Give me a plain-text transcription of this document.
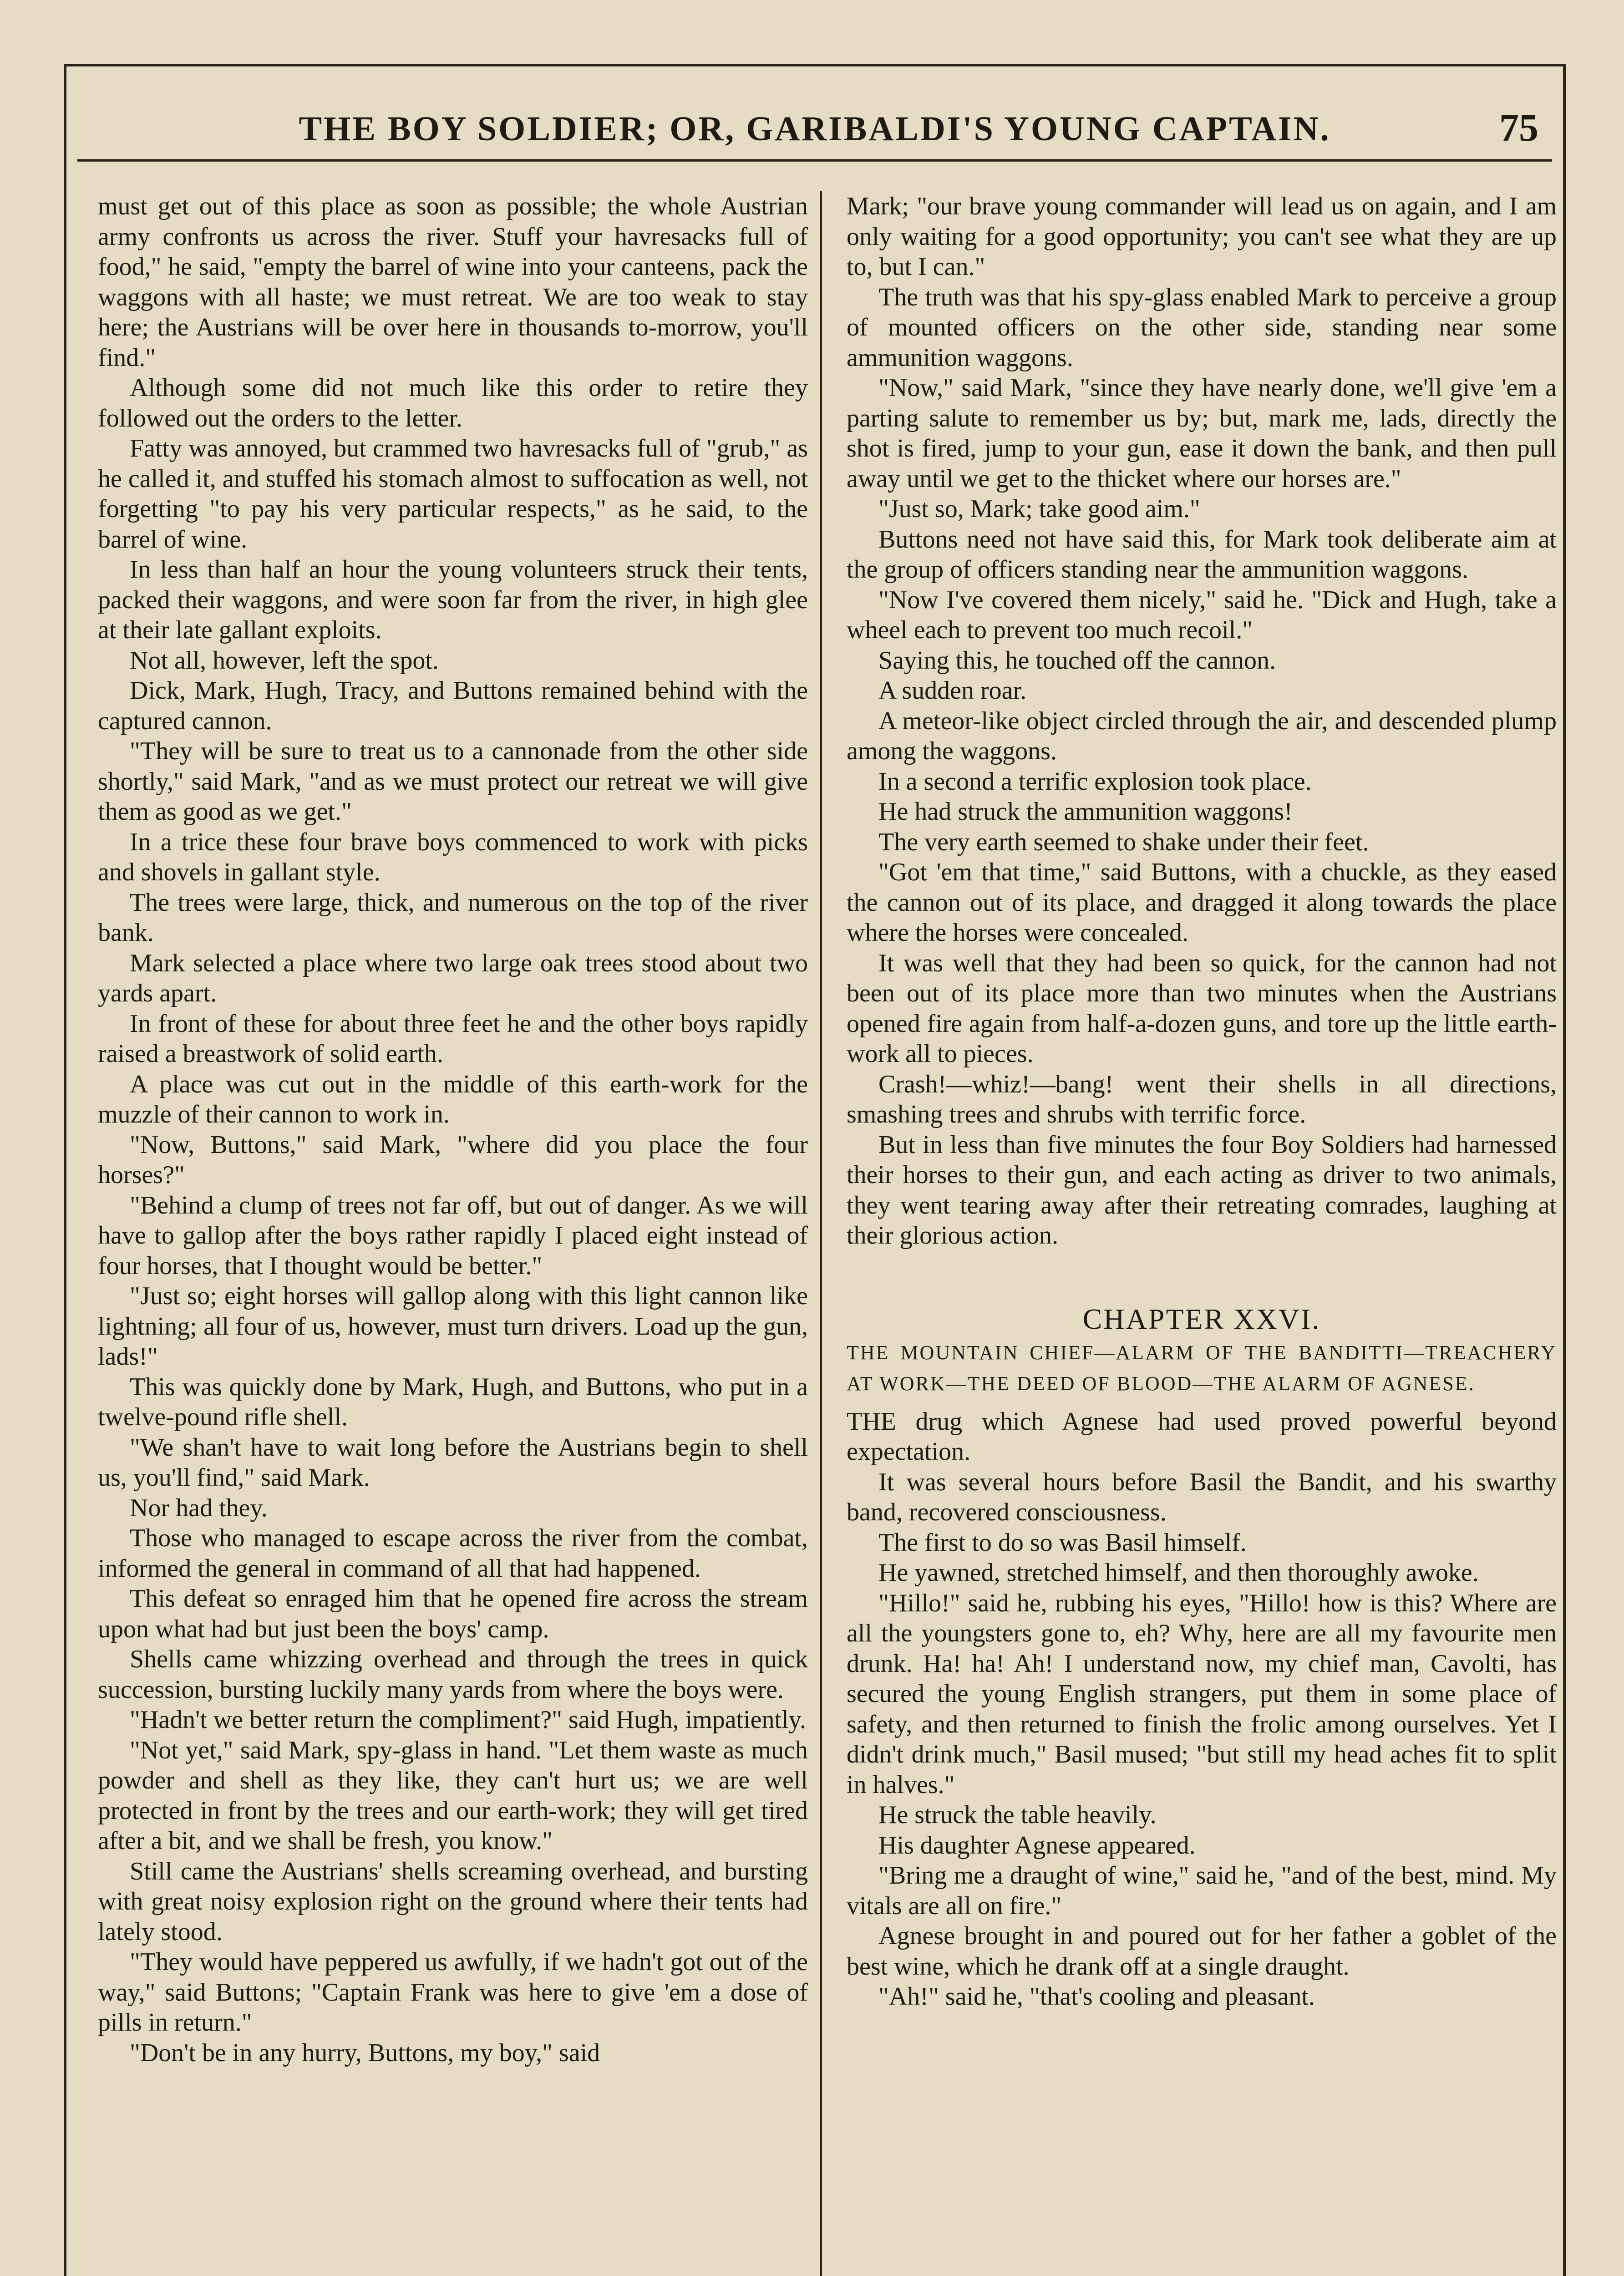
THE BOY SOLDIER; OR, GARIBALDI'S YOUNG CAPTAIN.	75

must get out of this place as soon as possible; the whole Austrian army confronts us across the river. Stuff your havresacks full of food," he said, "empty the barrel of wine into your canteens, pack the waggons with all haste; we must retreat. We are too weak to stay here; the Austrians will be over here in thousands to-morrow, you'll find."

Although some did not much like this order to retire they followed out the orders to the letter.

Fatty was annoyed, but crammed two havresacks full of "grub," as he called it, and stuffed his stomach almost to suffocation as well, not forgetting "to pay his very particular respects," as he said, to the barrel of wine.

In less than half an hour the young volunteers struck their tents, packed their waggons, and were soon far from the river, in high glee at their late gallant exploits.

Not all, however, left the spot.

Dick, Mark, Hugh, Tracy, and Buttons remained behind with the captured cannon.

"They will be sure to treat us to a cannonade from the other side shortly," said Mark, "and as we must protect our retreat we will give them as good as we get."

In a trice these four brave boys commenced to work with picks and shovels in gallant style.

The trees were large, thick, and numerous on the top of the river bank.

Mark selected a place where two large oak trees stood about two yards apart.

In front of these for about three feet he and the other boys rapidly raised a breastwork of solid earth.

A place was cut out in the middle of this earth-work for the muzzle of their cannon to work in.

"Now, Buttons," said Mark, "where did you place the four horses?"

"Behind a clump of trees not far off, but out of danger. As we will have to gallop after the boys rather rapidly I placed eight instead of four horses, that I thought would be better."

"Just so; eight horses will gallop along with this light cannon like lightning; all four of us, however, must turn drivers. Load up the gun, lads!"

This was quickly done by Mark, Hugh, and Buttons, who put in a twelve-pound rifle shell.

"We shan't have to wait long before the Austrians begin to shell us, you'll find," said Mark.

Nor had they.

Those who managed to escape across the river from the combat, informed the general in command of all that had happened.

This defeat so enraged him that he opened fire across the stream upon what had but just been the boys' camp.

Shells came whizzing overhead and through the trees in quick succession, bursting luckily many yards from where the boys were.

"Hadn't we better return the compliment?" said Hugh, impatiently.

"Not yet," said Mark, spy-glass in hand. "Let them waste as much powder and shell as they like, they can't hurt us; we are well protected in front by the trees and our earth-work; they will get tired after a bit, and we shall be fresh, you know."

Still came the Austrians' shells screaming overhead, and bursting with great noisy explosion right on the ground where their tents had lately stood.

"They would have peppered us awfully, if we hadn't got out of the way," said Buttons; "Captain Frank was here to give 'em a dose of pills in return."

"Don't be in any hurry, Buttons, my boy," said

Mark; "our brave young commander will lead us on again, and I am only waiting for a good opportunity; you can't see what they are up to, but I can."

The truth was that his spy-glass enabled Mark to perceive a group of mounted officers on the other side, standing near some ammunition waggons.

"Now," said Mark, "since they have nearly done, we'll give 'em a parting salute to remember us by; but, mark me, lads, directly the shot is fired, jump to your gun, ease it down the bank, and then pull away until we get to the thicket where our horses are."

"Just so, Mark; take good aim."

Buttons need not have said this, for Mark took deliberate aim at the group of officers standing near the ammunition waggons.

"Now I've covered them nicely," said he. "Dick and Hugh, take a wheel each to prevent too much recoil."

Saying this, he touched off the cannon.

A sudden roar.

A meteor-like object circled through the air, and descended plump among the waggons.

In a second a terrific explosion took place.

He had struck the ammunition waggons!

The very earth seemed to shake under their feet.

"Got 'em that time," said Buttons, with a chuckle, as they eased the cannon out of its place, and dragged it along towards the place where the horses were concealed.

It was well that they had been so quick, for the cannon had not been out of its place more than two minutes when the Austrians opened fire again from half-a-dozen guns, and tore up the little earth-work all to pieces.

Crash!—whiz!—bang! went their shells in all directions, smashing trees and shrubs with terrific force.

But in less than five minutes the four Boy Soldiers had harnessed their horses to their gun, and each acting as driver to two animals, they went tearing away after their retreating comrades, laughing at their glorious action.

CHAPTER XXVI.
THE MOUNTAIN CHIEF—ALARM OF THE BANDITTI—TREACHERY AT WORK—THE DEED OF BLOOD—THE ALARM OF AGNESE.

THE drug which Agnese had used proved powerful beyond expectation.

It was several hours before Basil the Bandit, and his swarthy band, recovered consciousness.

The first to do so was Basil himself.

He yawned, stretched himself, and then thoroughly awoke.

"Hillo!" said he, rubbing his eyes, "Hillo! how is this? Where are all the youngsters gone to, eh? Why, here are all my favourite men drunk. Ha! ha! Ah! I understand now, my chief man, Cavolti, has secured the young English strangers, put them in some place of safety, and then returned to finish the frolic among ourselves. Yet I didn't drink much," Basil mused; "but still my head aches fit to split in halves."

He struck the table heavily.

His daughter Agnese appeared.

"Bring me a draught of wine," said he, "and of the best, mind. My vitals are all on fire."

Agnese brought in and poured out for her father a goblet of the best wine, which he drank off at a single draught.

"Ah!" said he, "that's cooling and pleasant.
